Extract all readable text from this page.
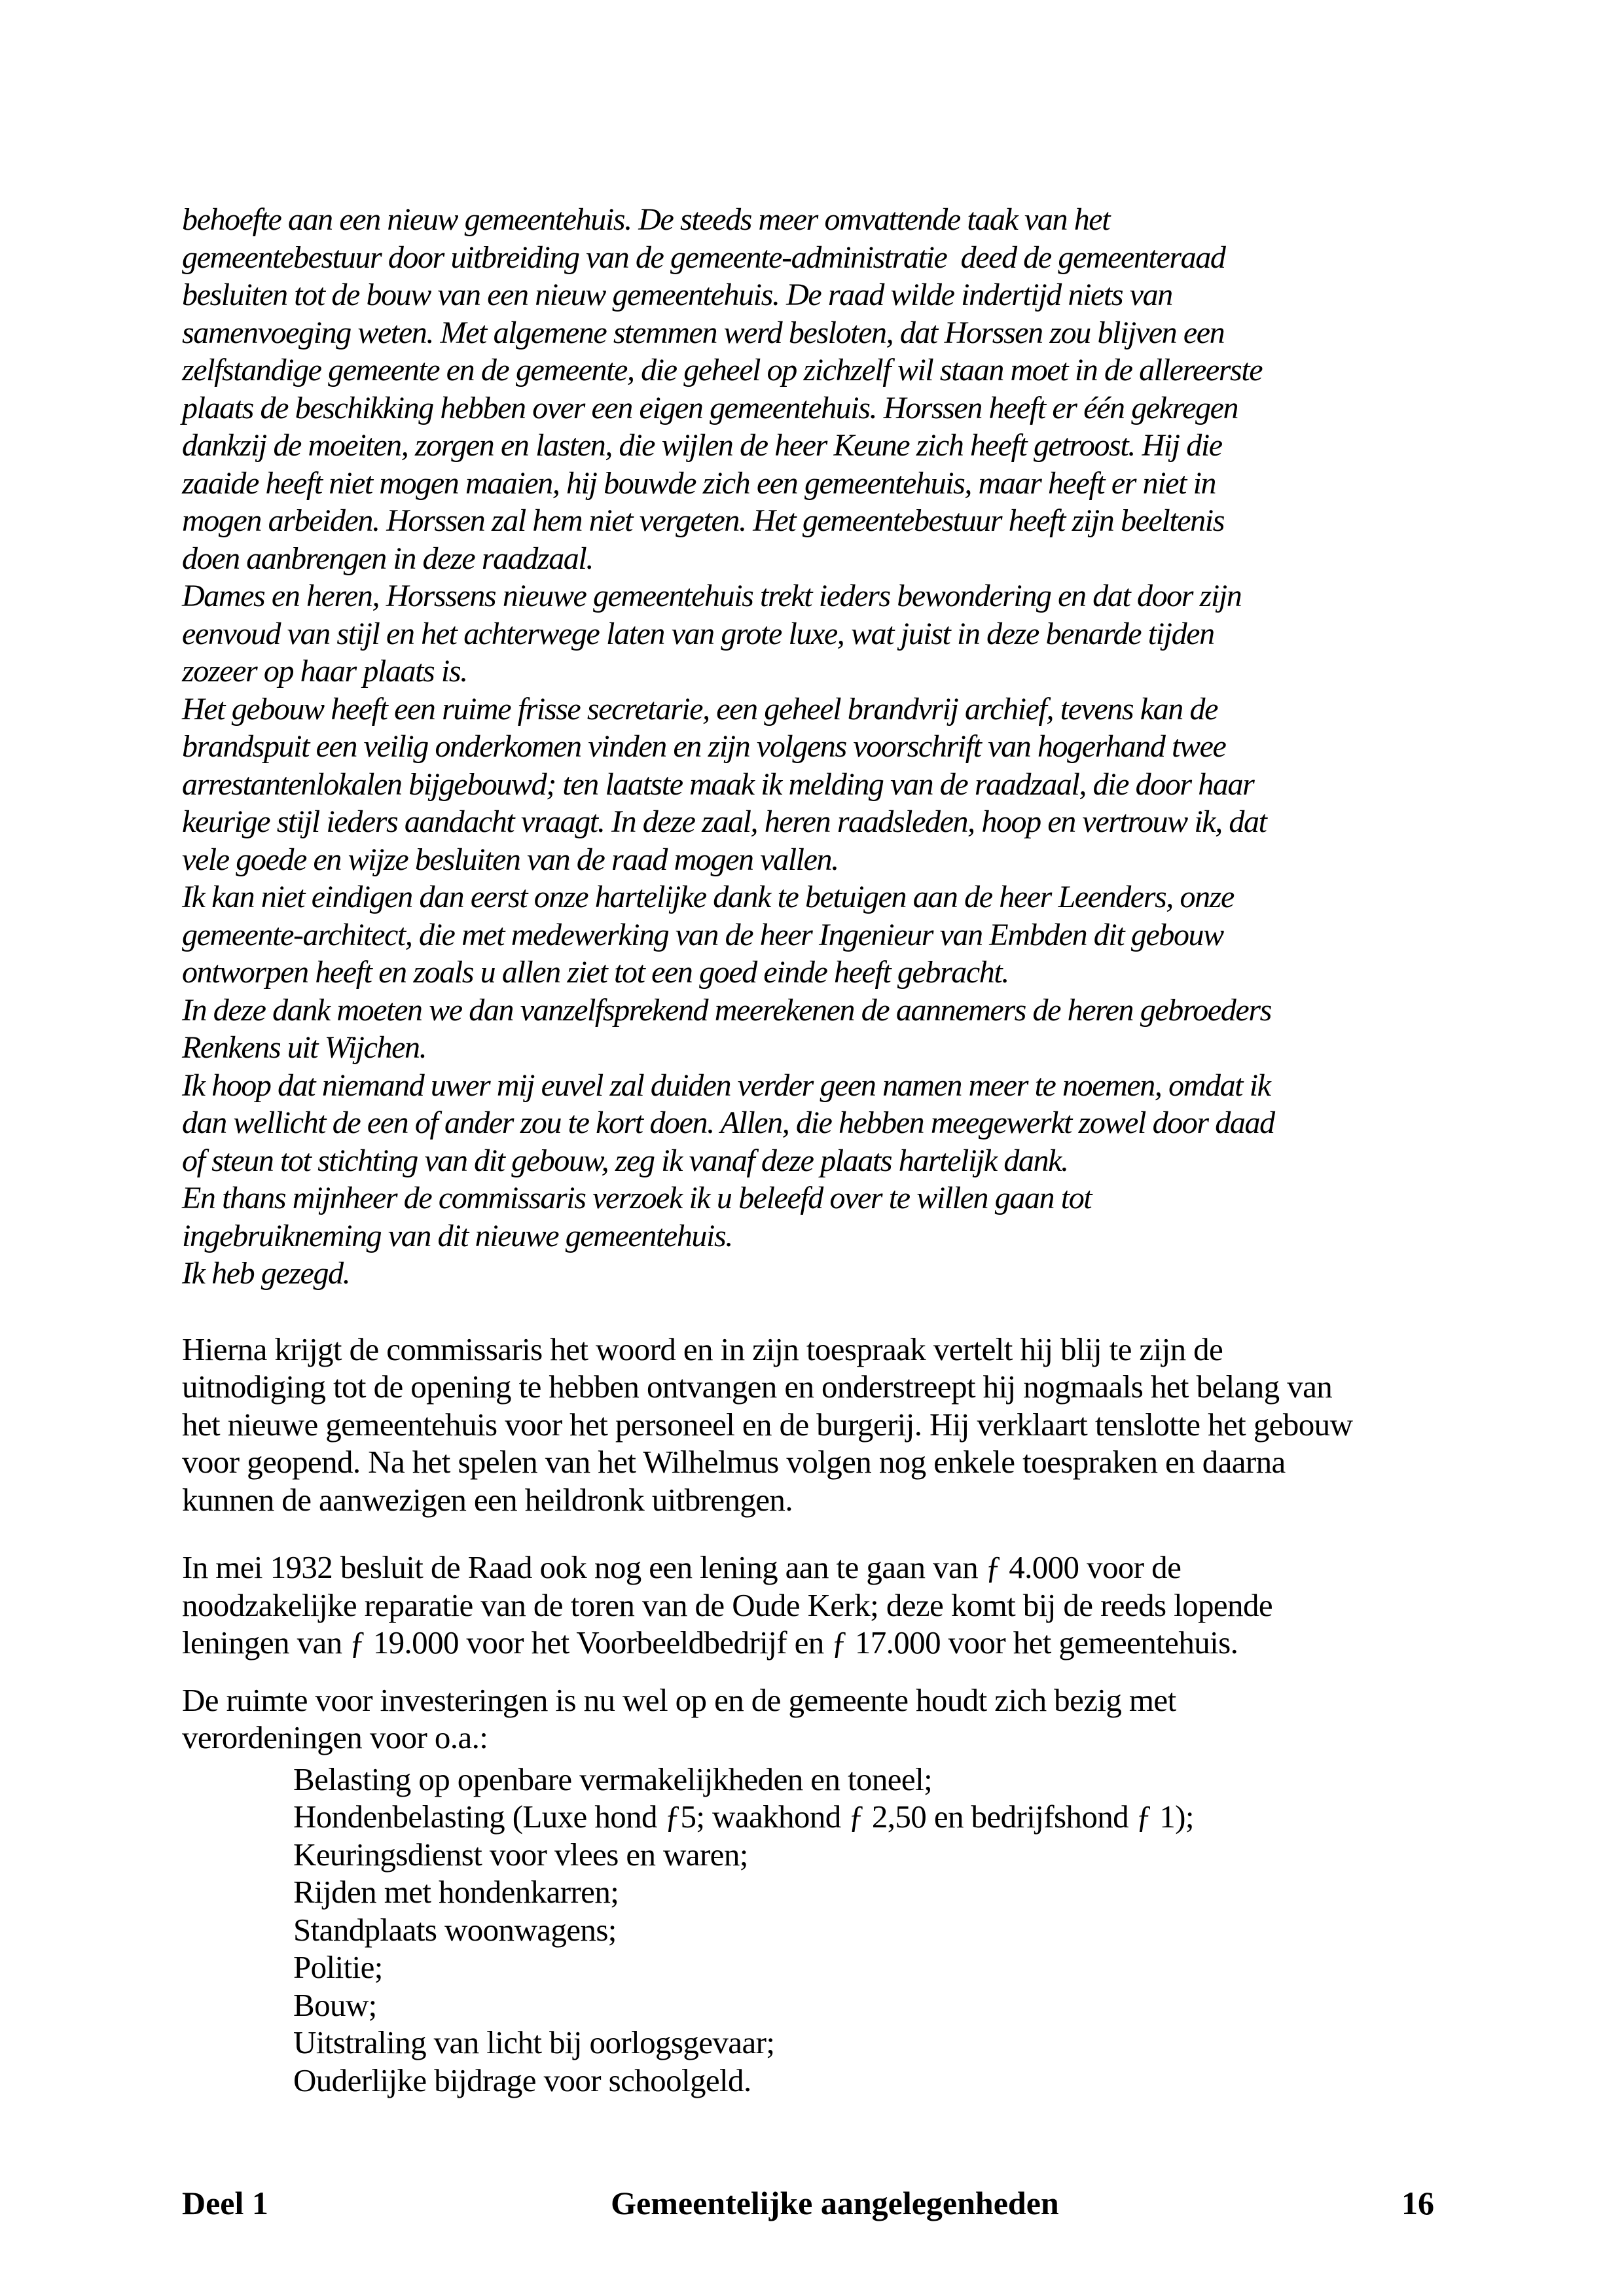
behoefte aan een nieuw gemeentehuis. De steeds meer omvattende taak van het
gemeentebestuur door uitbreiding van de gemeente-administratie  deed de gemeenteraad
besluiten tot de bouw van een nieuw gemeentehuis. De raad wilde indertijd niets van
samenvoeging weten. Met algemene stemmen werd besloten, dat Horssen zou blijven een
zelfstandige gemeente en de gemeente, die geheel op zichzelf wil staan moet in de allereerste
plaats de beschikking hebben over een eigen gemeentehuis. Horssen heeft er één gekregen
dankzij de moeiten, zorgen en lasten, die wijlen de heer Keune zich heeft getroost. Hij die
zaaide heeft niet mogen maaien, hij bouwde zich een gemeentehuis, maar heeft er niet in
mogen arbeiden. Horssen zal hem niet vergeten. Het gemeentebestuur heeft zijn beeltenis
doen aanbrengen in deze raadzaal.
Dames en heren, Horssens nieuwe gemeentehuis trekt ieders bewondering en dat door zijn
eenvoud van stijl en het achterwege laten van grote luxe, wat juist in deze benarde tijden
zozeer op haar plaats is.
Het gebouw heeft een ruime frisse secretarie, een geheel brandvrij archief, tevens kan de
brandspuit een veilig onderkomen vinden en zijn volgens voorschrift van hogerhand twee
arrestantenlokalen bijgebouwd; ten laatste maak ik melding van de raadzaal, die door haar
keurige stijl ieders aandacht vraagt. In deze zaal, heren raadsleden, hoop en vertrouw ik, dat
vele goede en wijze besluiten van de raad mogen vallen.
Ik kan niet eindigen dan eerst onze hartelijke dank te betuigen aan de heer Leenders, onze
gemeente-architect, die met medewerking van de heer Ingenieur van Embden dit gebouw
ontworpen heeft en zoals u allen ziet tot een goed einde heeft gebracht.
In deze dank moeten we dan vanzelfsprekend meerekenen de aannemers de heren gebroeders
Renkens uit Wijchen.
Ik hoop dat niemand uwer mij euvel zal duiden verder geen namen meer te noemen, omdat ik
dan wellicht de een of ander zou te kort doen. Allen, die hebben meegewerkt zowel door daad
of steun tot stichting van dit gebouw, zeg ik vanaf deze plaats hartelijk dank.
En thans mijnheer de commissaris verzoek ik u beleefd over te willen gaan tot
ingebruikneming van dit nieuwe gemeentehuis.
Ik heb gezegd.
Hierna krijgt de commissaris het woord en in zijn toespraak vertelt hij blij te zijn de
uitnodiging tot de opening te hebben ontvangen en onderstreept hij nogmaals het belang van
het nieuwe gemeentehuis voor het personeel en de burgerij. Hij verklaart tenslotte het gebouw
voor geopend. Na het spelen van het Wilhelmus volgen nog enkele toespraken en daarna
kunnen de aanwezigen een heildronk uitbrengen.
In mei 1932 besluit de Raad ook nog een lening aan te gaan van ƒ 4.000 voor de
noodzakelijke reparatie van de toren van de Oude Kerk; deze komt bij de reeds lopende
leningen van ƒ 19.000 voor het Voorbeeldbedrijf en ƒ 17.000 voor het gemeentehuis.
De ruimte voor investeringen is nu wel op en de gemeente houdt zich bezig met
verordeningen voor o.a.:
Belasting op openbare vermakelijkheden en toneel;
Hondenbelasting (Luxe hond ƒ5; waakhond ƒ 2,50 en bedrijfshond ƒ 1);
Keuringsdienst voor vlees en waren;
Rijden met hondenkarren;
Standplaats woonwagens;
Politie;
Bouw;
Uitstraling van licht bij oorlogsgevaar;
Ouderlijke bijdrage voor schoolgeld.
Deel 1	Gemeentelijke aangelegenheden	16
